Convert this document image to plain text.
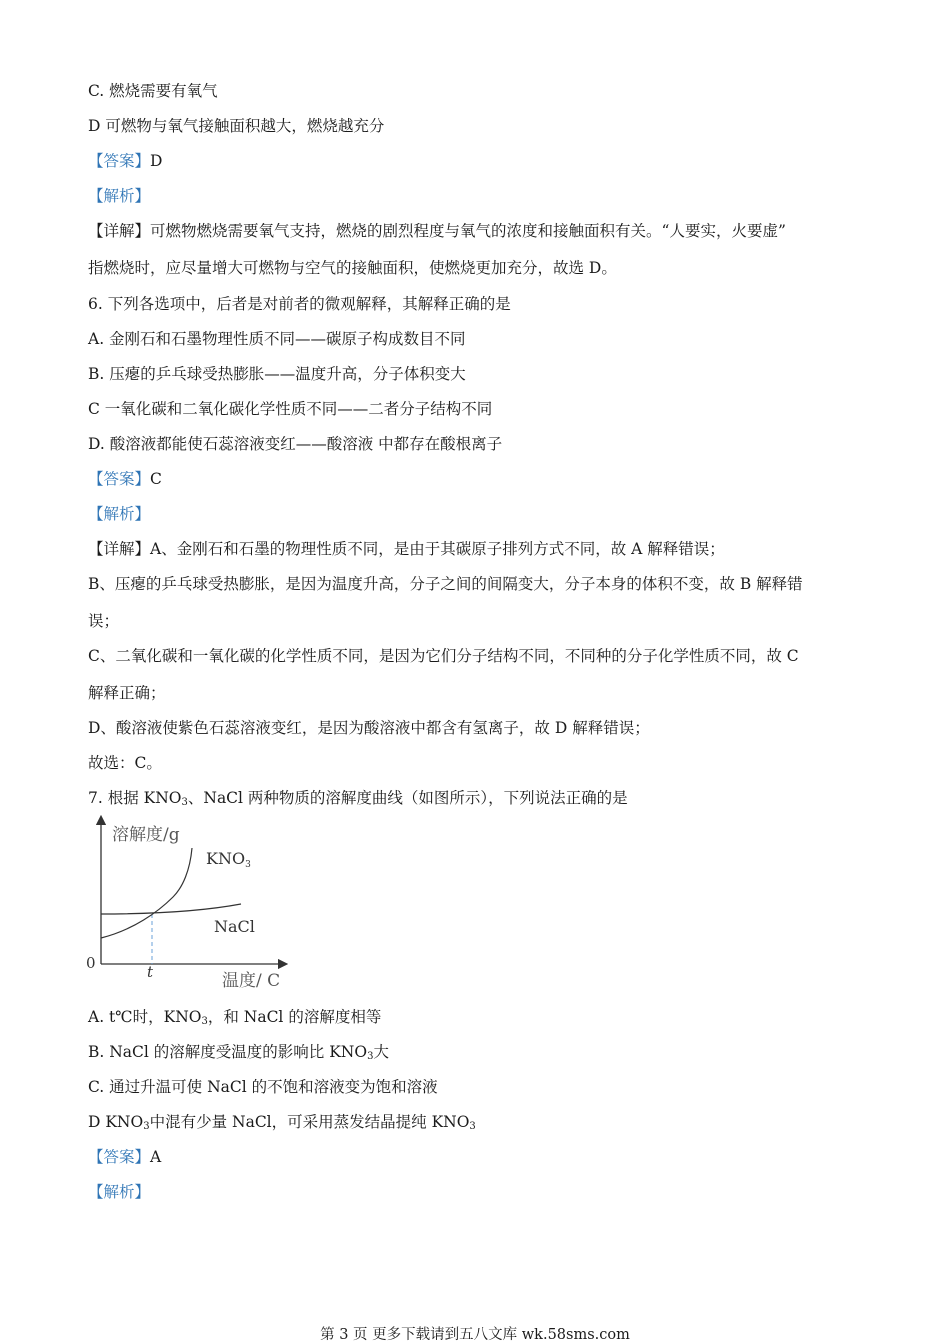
C. 燃烧需要有氧气
D 可燃物与氧气接触面积越大，燃烧越充分
【答案】D
【解析】
【详解】可燃物燃烧需要氧气支持，燃烧的剧烈程度与氧气的浓度和接触面积有关。“人要实，火要虚”
指燃烧时，应尽量增大可燃物与空气的接触面积，使燃烧更加充分，故选 D。
6. 下列各选项中，后者是对前者的微观解释，其解释正确的是
A. 金刚石和石墨物理性质不同——碳原子构成数目不同
B. 压瘪的乒乓球受热膨胀——温度升高，分子体积变大
C 一氧化碳和二氧化碳化学性质不同——二者分子结构不同
D. 酸溶液都能使石蕊溶液变红——酸溶液 中都存在酸根离子
【答案】C
【解析】
【详解】A、金刚石和石墨的物理性质不同，是由于其碳原子排列方式不同，故 A 解释错误；
B、压瘪的乒乓球受热膨胀，是因为温度升高，分子之间的间隔变大，分子本身的体积不变，故 B 解释错
误；
C、二氧化碳和一氧化碳的化学性质不同，是因为它们分子结构不同，不同种的分子化学性质不同，故 C
解释正确；
D、酸溶液使紫色石蕊溶液变红，是因为酸溶液中都含有氢离子，故 D 解释错误；
故选：C。
7. 根据 $KNO_3$、NaCl 两种物质的溶解度曲线（如图所示），下列说法正确的是
溶解度/g
温度/ C
0	t
KNO3
NaCl
A. t℃时，$KNO_3$，和 NaCl 的溶解度相等
B. NaCl 的溶解度受温度的影响比 $KNO_3$大
C. 通过升温可使 NaCl 的不饱和溶液变为饱和溶液
D $KNO_3$中混有少量 NaCl，可采用蒸发结晶提纯 $KNO_3$
【答案】A
【解析】
第 3 页 更多下载请到五八文库 wk.58sms.com
